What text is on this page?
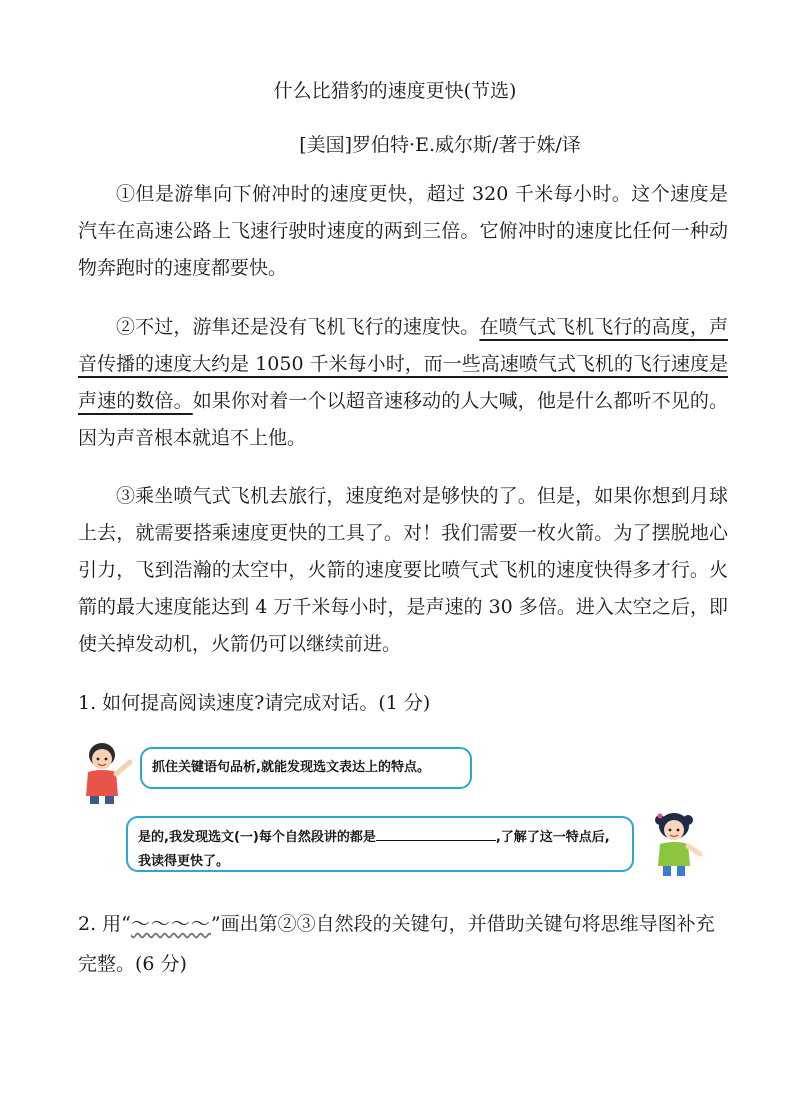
什么比猎豹的速度更快(节选)
[美国]罗伯特·E.威尔斯/著于姝/译

①但是游隼向下俯冲时的速度更快，超过 320 千米每小时。这个速度是汽车在高速公路上飞速行驶时速度的两到三倍。它俯冲时的速度比任何一种动物奔跑时的速度都要快。

②不过，游隼还是没有飞机飞行的速度快。在喷气式飞机飞行的高度，声音传播的速度大约是 1050 千米每小时，而一些高速喷气式飞机的飞行速度是声速的数倍。如果你对着一个以超音速移动的人大喊，他是什么都听不见的。因为声音根本就追不上他。

③乘坐喷气式飞机去旅行，速度绝对是够快的了。但是，如果你想到月球上去，就需要搭乘速度更快的工具了。对！我们需要一枚火箭。为了摆脱地心引力，飞到浩瀚的太空中，火箭的速度要比喷气式飞机的速度快得多才行。火箭的最大速度能达到 4 万千米每小时，是声速的 30 多倍。进入太空之后，即使关掉发动机，火箭仍可以继续前进。

1. 如何提高阅读速度?请完成对话。(1 分)

抓住关键语句品析,就能发现选文表达上的特点。
是的,我发现选文(一)每个自然段讲的都是	,了解了这一特点后,我读得更快了。

2. 用“～～～～”画出第②③自然段的关键句，并借助关键句将思维导图补充完整。(6 分)
